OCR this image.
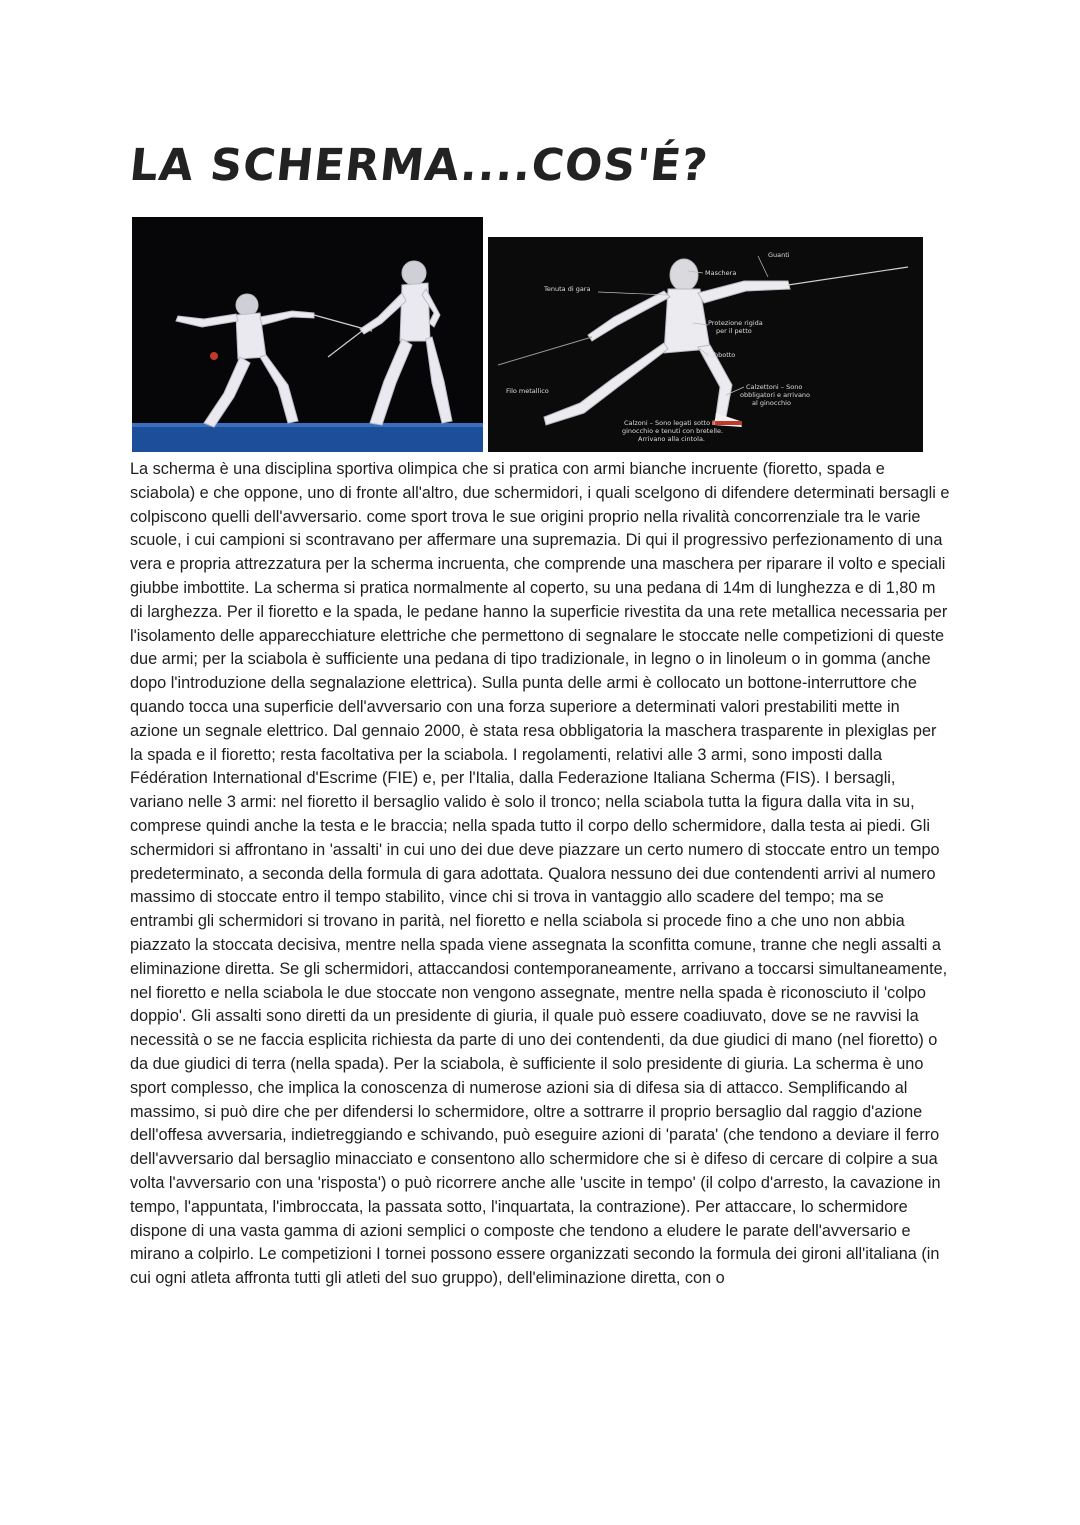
LA SCHERMA....COS'É?
Guanti
Maschera
Tenuta di gara
Protezione rigida
per il petto
Giubbotto
Filo metallico	Calzettoni – Sono
obbligatori e arrivano
al ginocchio
Calzoni – Sono legati sotto il
ginocchio e tenuti con bretelle.
Arrivano alla cintola.
La scherma è una disciplina sportiva olimpica che si pratica con armi bianche incruente (fioretto, spada e sciabola) e che oppone, uno di fronte all'altro, due schermidori, i quali scelgono di difendere determinati bersagli e colpiscono quelli dell'avversario. come sport trova le sue origini proprio nella rivalità concorrenziale tra le varie scuole, i cui campioni si scontravano per affermare una supremazia. Di qui il progressivo perfezionamento di una vera e propria attrezzatura per la scherma incruenta, che comprende una maschera per riparare il volto e speciali giubbe imbottite. La scherma si pratica normalmente al coperto, su una pedana di 14m di lunghezza e di 1,80 m di larghezza. Per il fioretto e la spada, le pedane hanno la superficie rivestita da una rete metallica necessaria per l'isolamento delle apparecchiature elettriche che permettono di segnalare le stoccate nelle competizioni di queste due armi; per la sciabola è sufficiente una pedana di tipo tradizionale, in legno o in linoleum o in gomma (anche dopo l'introduzione della segnalazione elettrica). Sulla punta delle armi è collocato un bottone-interruttore che quando tocca una superficie dell'avversario con una forza superiore a determinati valori prestabiliti mette in azione un segnale elettrico. Dal gennaio 2000, è stata resa obbligatoria la maschera trasparente in plexiglas per la spada e il fioretto; resta facoltativa per la sciabola. I regolamenti, relativi alle 3 armi, sono imposti dalla Fédération International d'Escrime (FIE) e, per l'Italia, dalla Federazione Italiana Scherma (FIS). I bersagli, variano nelle 3 armi: nel fioretto il bersaglio valido è solo il tronco; nella sciabola tutta la figura dalla vita in su, comprese quindi anche la testa e le braccia; nella spada tutto il corpo dello schermidore, dalla testa ai piedi. Gli schermidori si affrontano in 'assalti' in cui uno dei due deve piazzare un certo numero di stoccate entro un tempo predeterminato, a seconda della formula di gara adottata. Qualora nessuno dei due contendenti arrivi al numero massimo di stoccate entro il tempo stabilito, vince chi si trova in vantaggio allo scadere del tempo; ma se entrambi gli schermidori si trovano in parità, nel fioretto e nella sciabola si procede fino a che uno non abbia piazzato la stoccata decisiva, mentre nella spada viene assegnata la sconfitta comune, tranne che negli assalti a eliminazione diretta. Se gli schermidori, attaccandosi contemporaneamente, arrivano a toccarsi simultaneamente, nel fioretto e nella sciabola le due stoccate non vengono assegnate, mentre nella spada è riconosciuto il 'colpo doppio'. Gli assalti sono diretti da un presidente di giuria, il quale può essere coadiuvato, dove se ne ravvisi la necessità o se ne faccia esplicita richiesta da parte di uno dei contendenti, da due giudici di mano (nel fioretto) o da due giudici di terra (nella spada). Per la sciabola, è sufficiente il solo presidente di giuria. La scherma è uno sport complesso, che implica la conoscenza di numerose azioni sia di difesa sia di attacco. Semplificando al massimo, si può dire che per difendersi lo schermidore, oltre a sottrarre il proprio bersaglio dal raggio d'azione dell'offesa avversaria, indietreggiando e schivando, può eseguire azioni di 'parata' (che tendono a deviare il ferro dell'avversario dal bersaglio minacciato e consentono allo schermidore che si è difeso di cercare di colpire a sua volta l'avversario con una 'risposta') o può ricorrere anche alle 'uscite in tempo' (il colpo d'arresto, la cavazione in tempo, l'appuntata, l'imbroccata, la passata sotto, l'inquartata, la contrazione). Per attaccare, lo schermidore dispone di una vasta gamma di azioni semplici o composte che tendono a eludere le parate dell'avversario e mirano a colpirlo. Le competizioni I tornei possono essere organizzati secondo la formula dei gironi all'italiana (in cui ogni atleta affronta tutti gli atleti del suo gruppo), dell'eliminazione diretta, con o
